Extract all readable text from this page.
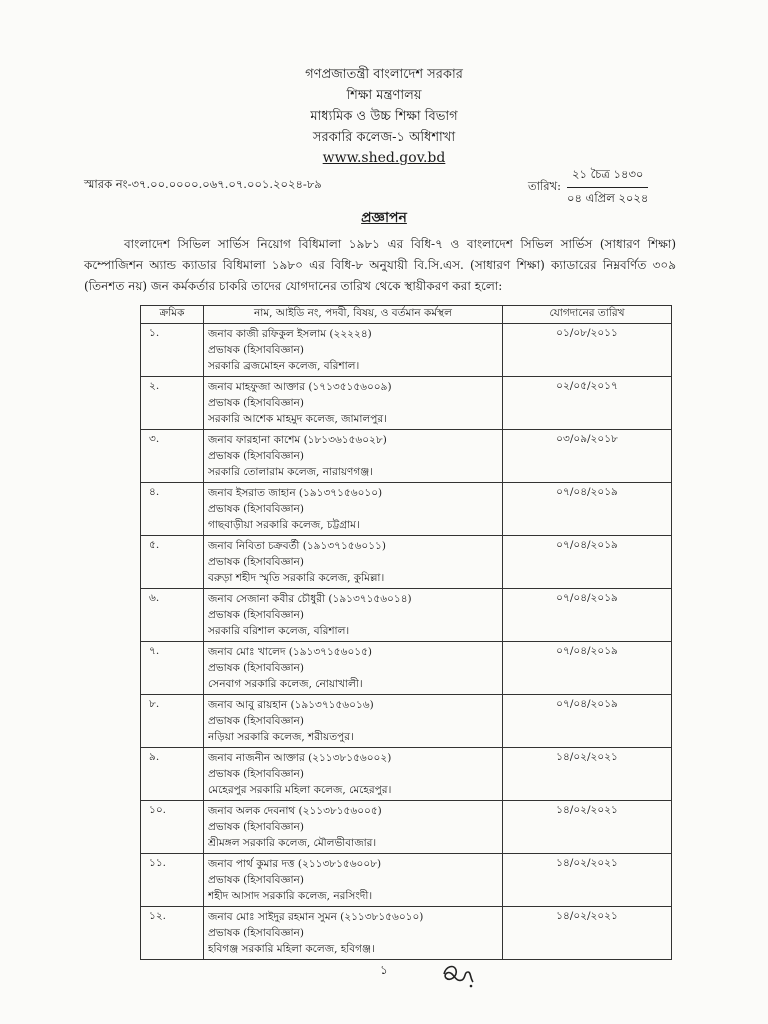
গণপ্রজাতন্ত্রী বাংলাদেশ সরকার
শিক্ষা মন্ত্রণালয়
মাধ্যমিক ও উচ্চ শিক্ষা বিভাগ
সরকারি কলেজ-১ অধিশাখা
www.shed.gov.bd
স্মারক নং-৩৭.০০.০০০০.০৬৭.০৭.০০১.২০২৪-৮৯	তারিখ:
২১ চৈত্র ১৪৩০
০৪ এপ্রিল ২০২৪
প্রজ্ঞাপন
বাংলাদেশ সিভিল সার্ভিস নিয়োগ বিধিমালা ১৯৮১ এর বিধি-৭ ও বাংলাদেশ সিভিল সার্ভিস (সাধারণ শিক্ষা) কম্পোজিশন অ্যান্ড ক্যাডার বিধিমালা ১৯৮০ এর বিধি-৮ অনুযায়ী বি.সি.এস. (সাধারণ শিক্ষা) ক্যাডারের নিম্নবর্ণিত ৩০৯ (তিনশত নয়) জন কর্মকর্তার চাকরি তাদের যোগদানের তারিখ থেকে স্থায়ীকরণ করা হলো:
ক্রমিক	নাম, আইডি নং, পদবী, বিষয়, ও বর্তমান কর্মস্থল	যোগদানের তারিখ
১.	জনাব কাজী রফিকুল ইসলাম (২২২২৪)
প্রভাষক (হিসাববিজ্ঞান)
সরকারি ব্রজমোহন কলেজ, বরিশাল।	০১/০৮/২০১১
২.	জনাব মাহফুজা আক্তার (১৭১৩৫১৫৬০০৯)
প্রভাষক (হিসাববিজ্ঞান)
সরকারি আশেক মাহমুদ কলেজ, জামালপুর।	০২/০৫/২০১৭
৩.	জনাব ফারহানা কাশেম (১৮১৩৬১৫৬০২৮)
প্রভাষক (হিসাববিজ্ঞান)
সরকারি তোলারাম কলেজ, নারায়ণগঞ্জ।	০৩/০৯/২০১৮
৪.	জনাব ইসরাত জাহান (১৯১৩৭১৫৬০১০)
প্রভাষক (হিসাববিজ্ঞান)
গাছবাড়ীয়া সরকারি কলেজ, চট্টগ্রাম।	০৭/০৪/২০১৯
৫.	জনাব নিবিতা চক্রবর্তী (১৯১৩৭১৫৬০১১)
প্রভাষক (হিসাববিজ্ঞান)
বরুড়া শহীদ স্মৃতি সরকারি কলেজ, কুমিল্লা।	০৭/০৪/২০১৯
৬.	জনাব সেজানা কবীর চৌধুরী (১৯১৩৭১৫৬০১৪)
প্রভাষক (হিসাববিজ্ঞান)
সরকারি বরিশাল কলেজ, বরিশাল।	০৭/০৪/২০১৯
৭.	জনাব মোঃ খালেদ (১৯১৩৭১৫৬০১৫)
প্রভাষক (হিসাববিজ্ঞান)
সেনবাগ সরকারি কলেজ, নোয়াখালী।	০৭/০৪/২০১৯
৮.	জনাব আবু রায়হান (১৯১৩৭১৫৬০১৬)
প্রভাষক (হিসাববিজ্ঞান)
নড়িয়া সরকারি কলেজ, শরীয়তপুর।	০৭/০৪/২০১৯
৯.	জনাব নাজনীন আক্তার (২১১৩৮১৫৬০০২)
প্রভাষক (হিসাববিজ্ঞান)
মেহেরপুর সরকারি মহিলা কলেজ, মেহেরপুর।	১৪/০২/২০২১
১০.	জনাব অলক দেবনাথ (২১১৩৮১৫৬০০৫)
প্রভাষক (হিসাববিজ্ঞান)
শ্রীমঙ্গল সরকারি কলেজ, মৌলভীবাজার।	১৪/০২/২০২১
১১.	জনাব পার্থ কুমার দত্ত (২১১৩৮১৫৬০০৮)
প্রভাষক (হিসাববিজ্ঞান)
শহীদ আসাদ সরকারি কলেজ, নরসিংদী।	১৪/০২/২০২১
১২.	জনাব মোঃ সাইদুর রহমান সুমন (২১১৩৮১৫৬০১০)
প্রভাষক (হিসাববিজ্ঞান)
হবিগঞ্জ সরকারি মহিলা কলেজ, হবিগঞ্জ।	১৪/০২/২০২১
১
